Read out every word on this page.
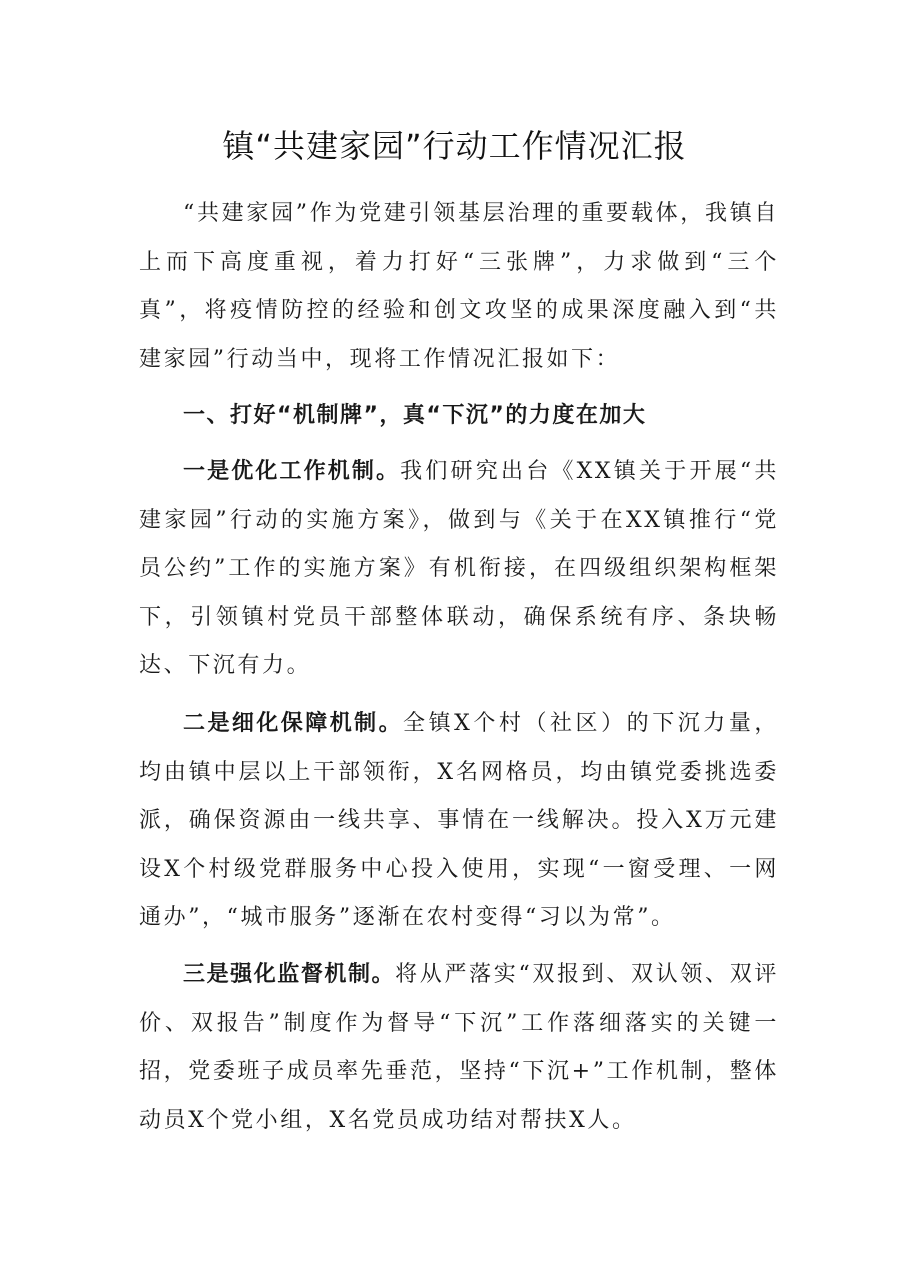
镇“共建家园”行动工作情况汇报

“共建家园”作为党建引领基层治理的重要载体，我镇自上而下高度重视，着力打好“三张牌”，力求做到“三个真”，将疫情防控的经验和创文攻坚的成果深度融入到“共建家园”行动当中，现将工作情况汇报如下：

一、打好“机制牌”，真“下沉”的力度在加大

一是优化工作机制。我们研究出台《XX镇关于开展“共建家园”行动的实施方案》，做到与《关于在XX镇推行“党员公约”工作的实施方案》有机衔接，在四级组织架构框架下，引领镇村党员干部整体联动，确保系统有序、条块畅达、下沉有力。

二是细化保障机制。全镇X个村（社区）的下沉力量，均由镇中层以上干部领衔，X名网格员，均由镇党委挑选委派，确保资源由一线共享、事情在一线解决。投入X万元建设X个村级党群服务中心投入使用，实现“一窗受理、一网通办”，“城市服务”逐渐在农村变得“习以为常”。

三是强化监督机制。将从严落实“双报到、双认领、双评价、双报告”制度作为督导“下沉”工作落细落实的关键一招，党委班子成员率先垂范，坚持“下沉+”工作机制，整体动员X个党小组，X名党员成功结对帮扶X人。
